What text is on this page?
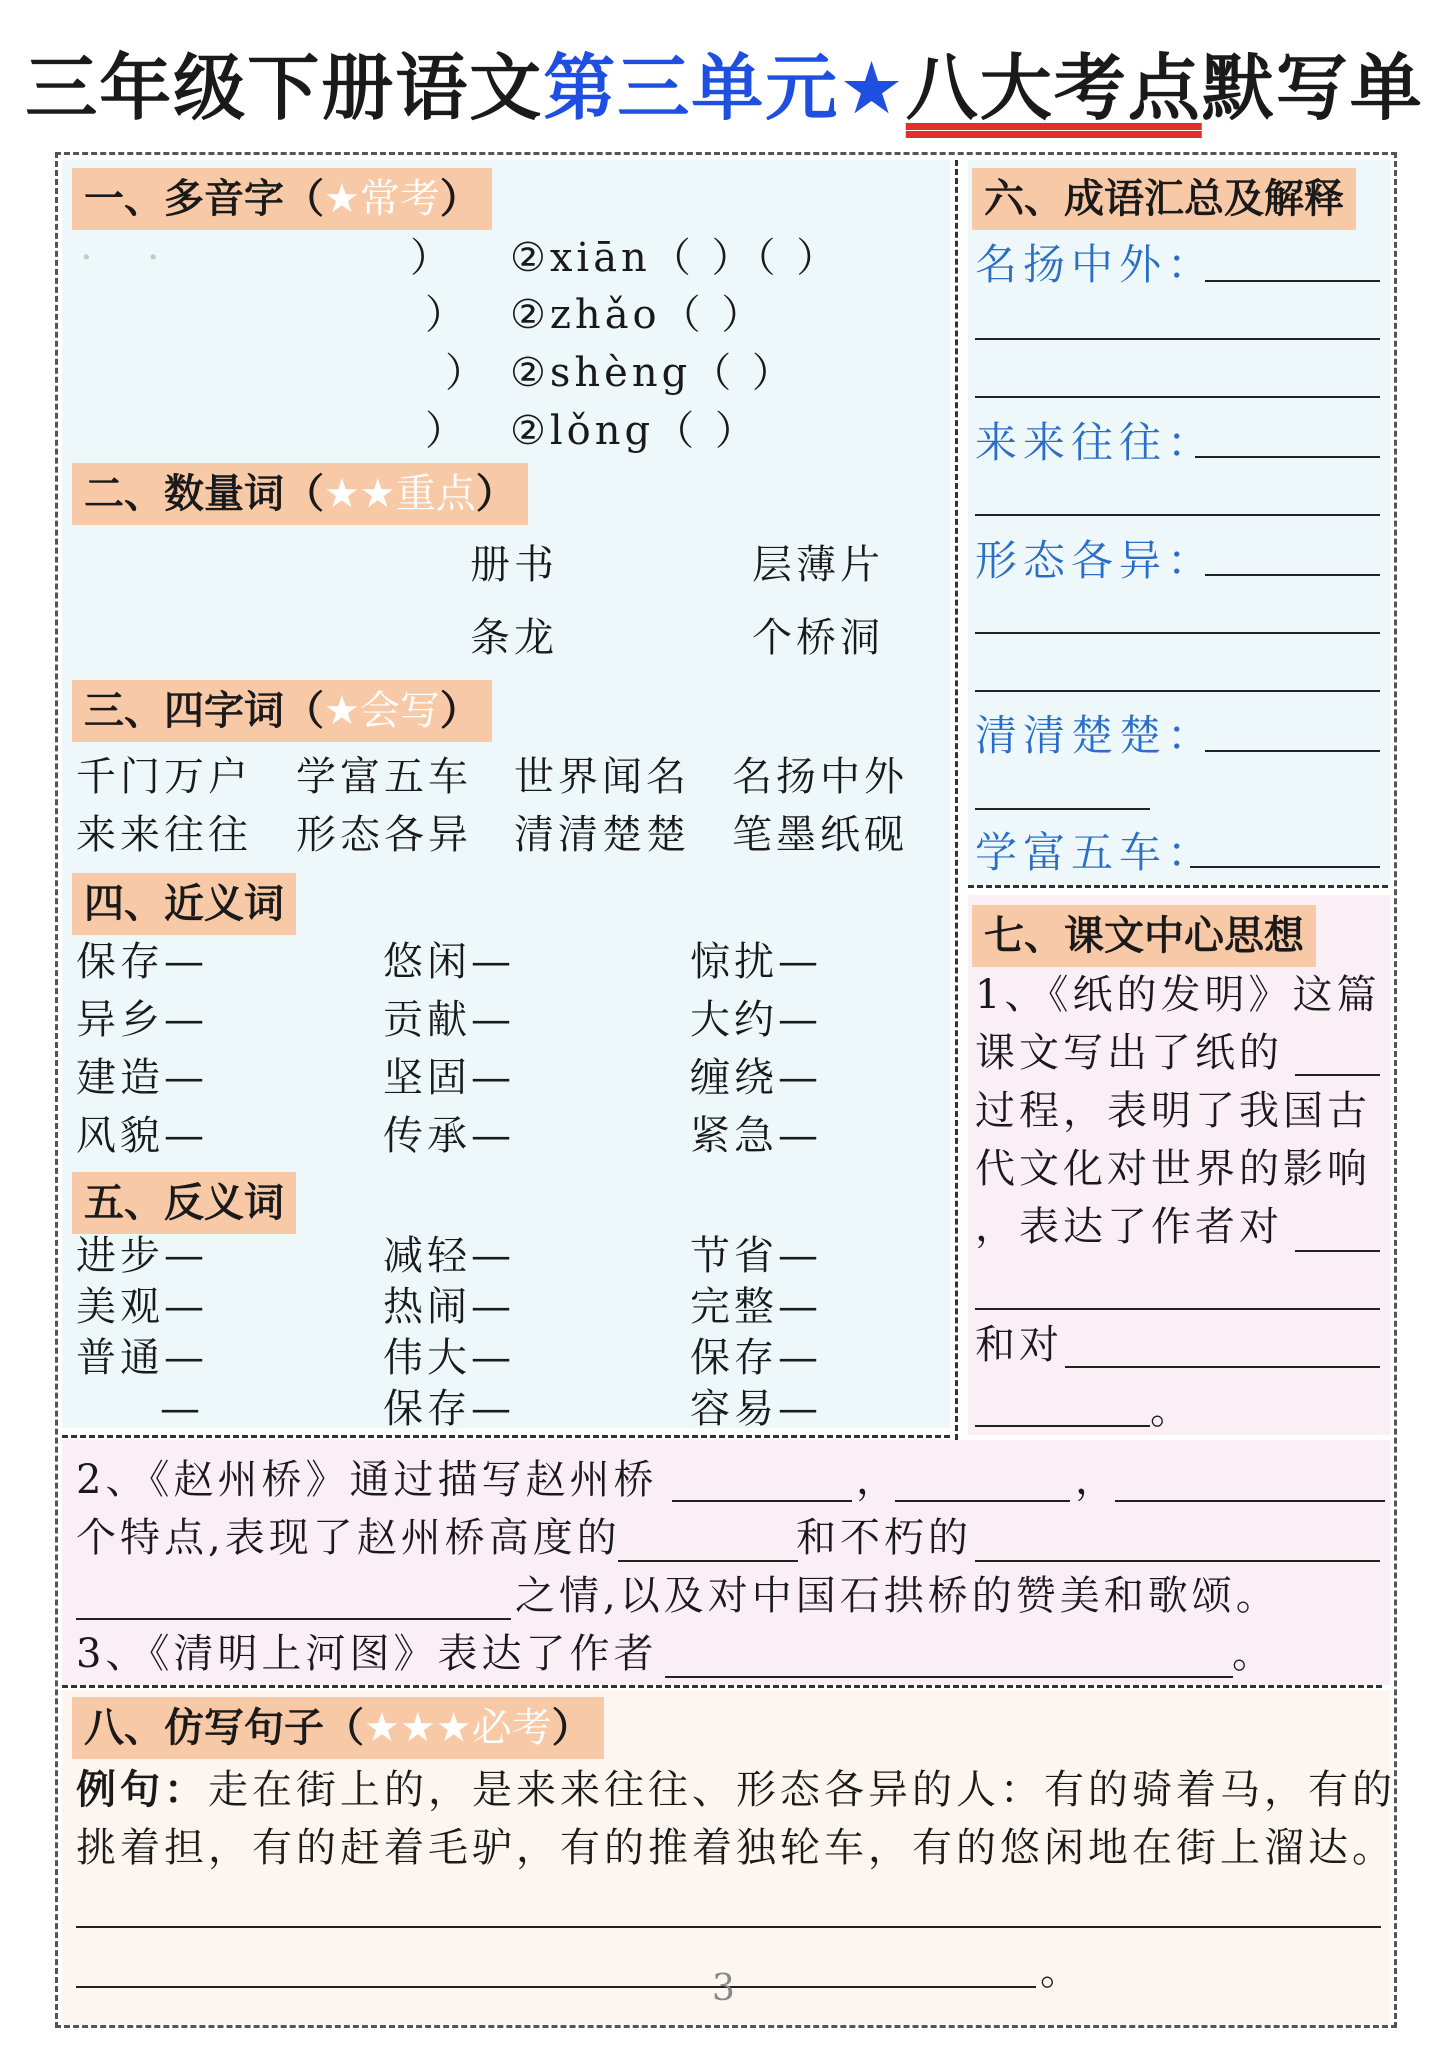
三年级下册语文第三单元★八大考点默写单
一、多音字（★常考）
·   ·	） ②xiān（ ）（ ）
） ②zhǎo（ ）
） ②shèng（ ）
） ②lǒng（ ）
二、数量词（★★重点）
册书	层薄片
条龙	个桥洞
三、四字词（★会写）
千门万户 学富五车 世界闻名 名扬中外
来来往往 形态各异 清清楚楚 笔墨纸砚
四、近义词
保存—	悠闲—	惊扰—
异乡—	贡献—	大约—
建造—	坚固—	缠绕—
风貌—	传承—	紧急—
五、反义词
进步—	减轻—	节省—
美观—	热闹—	完整—
普通—	伟大—	保存—
—	保存—	容易—
六、成语汇总及解释
名扬中外：
来来往往：
形态各异：
清清楚楚：
学富五车：
七、课文中心思想
1、《纸的发明》这篇
课文写出了纸的
过程，表明了我国古
代文化对世界的影响
，表达了作者对
和对
。
2、《赵州桥》通过描写赵州桥	，	，
个特点,表现了赵州桥高度的	和不朽的
之情,以及对中国石拱桥的赞美和歌颂。
3、《清明上河图》表达了作者	。
八、仿写句子（★★★必考）
例句：走在街上的，是来来往往、形态各异的人：有的骑着马，有的
挑着担，有的赶着毛驴，有的推着独轮车，有的悠闲地在街上溜达。
。
3
